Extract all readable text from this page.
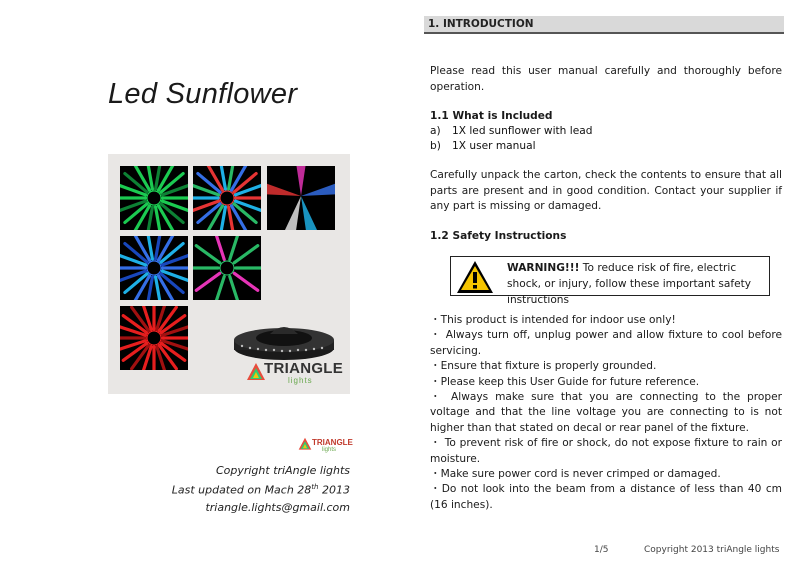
Led Sunflower
TRIANGLE
lights
TRIANGLE
lights
Copyright triAngle lights
Last updated on Mach 28th 2013
triangle.lights@gmail.com
1. INTRODUCTION
Please read this user manual carefully and thoroughly before operation.
1.1 What is Included
a) 1X led sunflower with lead
b) 1X user manual
Carefully unpack the carton, check the contents to ensure that all parts are present and in good condition. Contact your supplier if any part is missing or damaged.
1.2 Safety Instructions
WARNING!!! To reduce risk of fire, electric shock, or injury, follow these important safety instructions
・This product is intended for indoor use only!
・ Always turn off, unplug power and allow fixture to cool before servicing.
・Ensure that fixture is properly grounded.
・Please keep this User Guide for future reference.
・ Always make sure that you are connecting to the proper voltage and that the line voltage you are connecting to is not higher than that stated on decal or rear panel of the fixture.
・ To prevent risk of fire or shock, do not expose fixture to rain or moisture.
・Make sure power cord is never crimped or damaged.
・Do not look into the beam from a distance of less than 40 cm (16 inches).
1/5	Copyright 2013 triAngle lights
